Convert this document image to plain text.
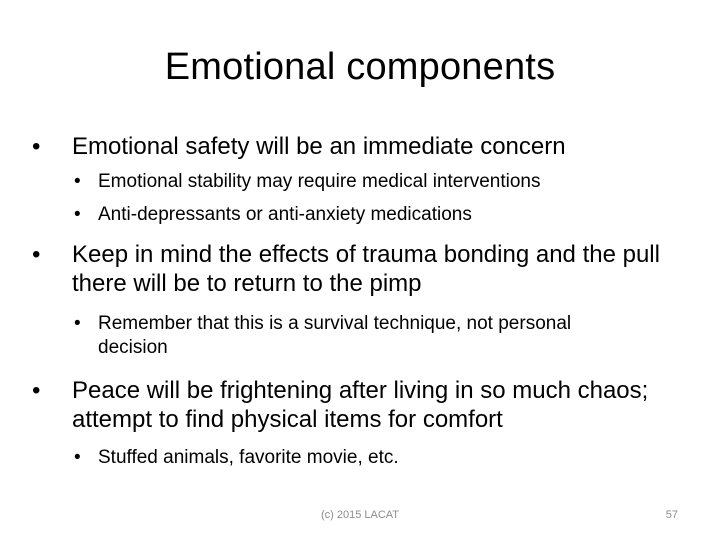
Emotional components
•	Emotional safety will be an immediate concern
• Emotional stability may require medical interventions
• Anti-depressants or anti-anxiety medications
•	Keep in mind the effects of trauma bonding and the pull there will be to return to the pimp
• Remember that this is a survival technique, not personal decision
•	Peace will be frightening after living in so much chaos; attempt to find physical items for comfort
• Stuffed animals, favorite movie, etc.
(c) 2015 LACAT	57
